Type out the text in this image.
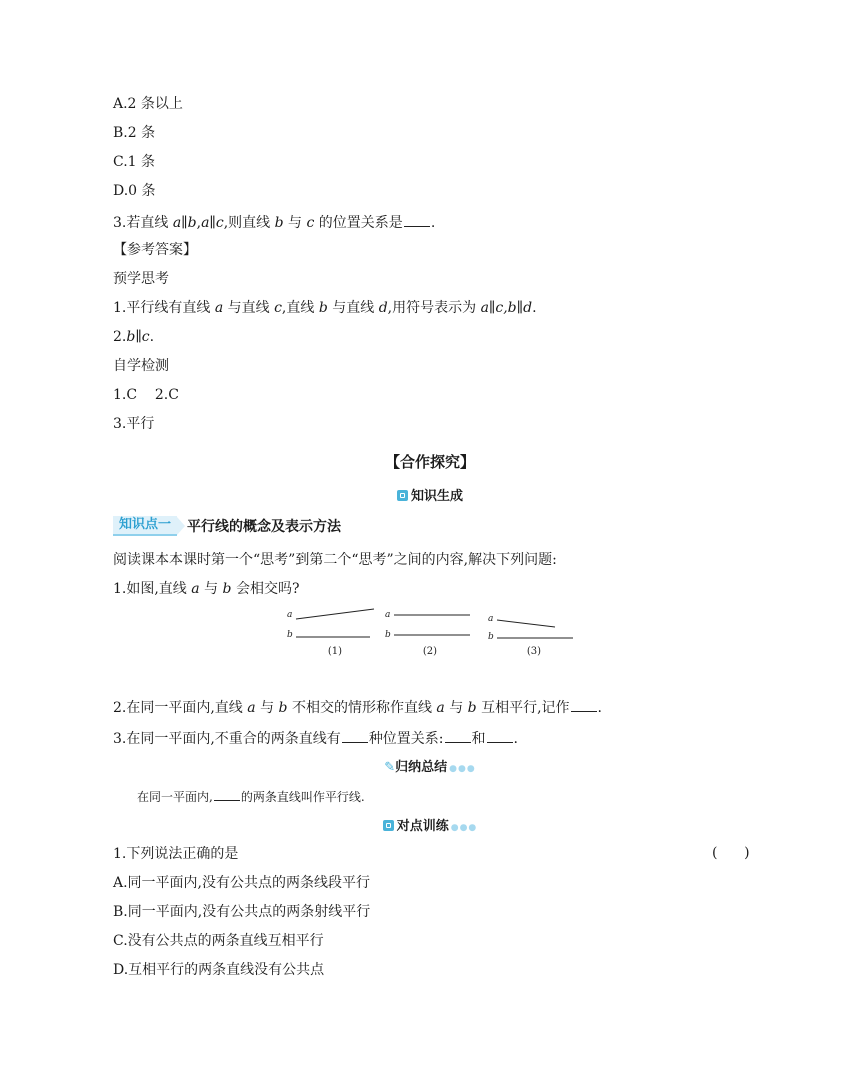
A.2 条以上
B.2 条
C.1 条
D.0 条
3.若直线 a∥b,a∥c,则直线 b 与 c 的位置关系是 .
【参考答案】
预学思考
1.平行线有直线 a 与直线 c,直线 b 与直线 d,用符号表示为 a∥c,b∥d.
2.b∥c.
自学检测
1.C    2.C
3.平行
【合作探究】
知识生成
知识点一	平行线的概念及表示方法
阅读课本本课时第一个“思考”到第二个“思考”之间的内容,解决下列问题:
1.如图,直线 a 与 b 会相交吗?
a
b
a
b
a
b
(1)	(2)	(3)
2.在同一平面内,直线 a 与 b 不相交的情形称作直线 a 与 b 互相平行,记作 .
3.在同一平面内,不重合的两条直线有 种位置关系: 和 .
✎归纳总结 ●●●
在同一平面内, 的两条直线叫作平行线.
对点训练 ●●●
1.下列说法正确的是	(      )
A.同一平面内,没有公共点的两条线段平行
B.同一平面内,没有公共点的两条射线平行
C.没有公共点的两条直线互相平行
D.互相平行的两条直线没有公共点
